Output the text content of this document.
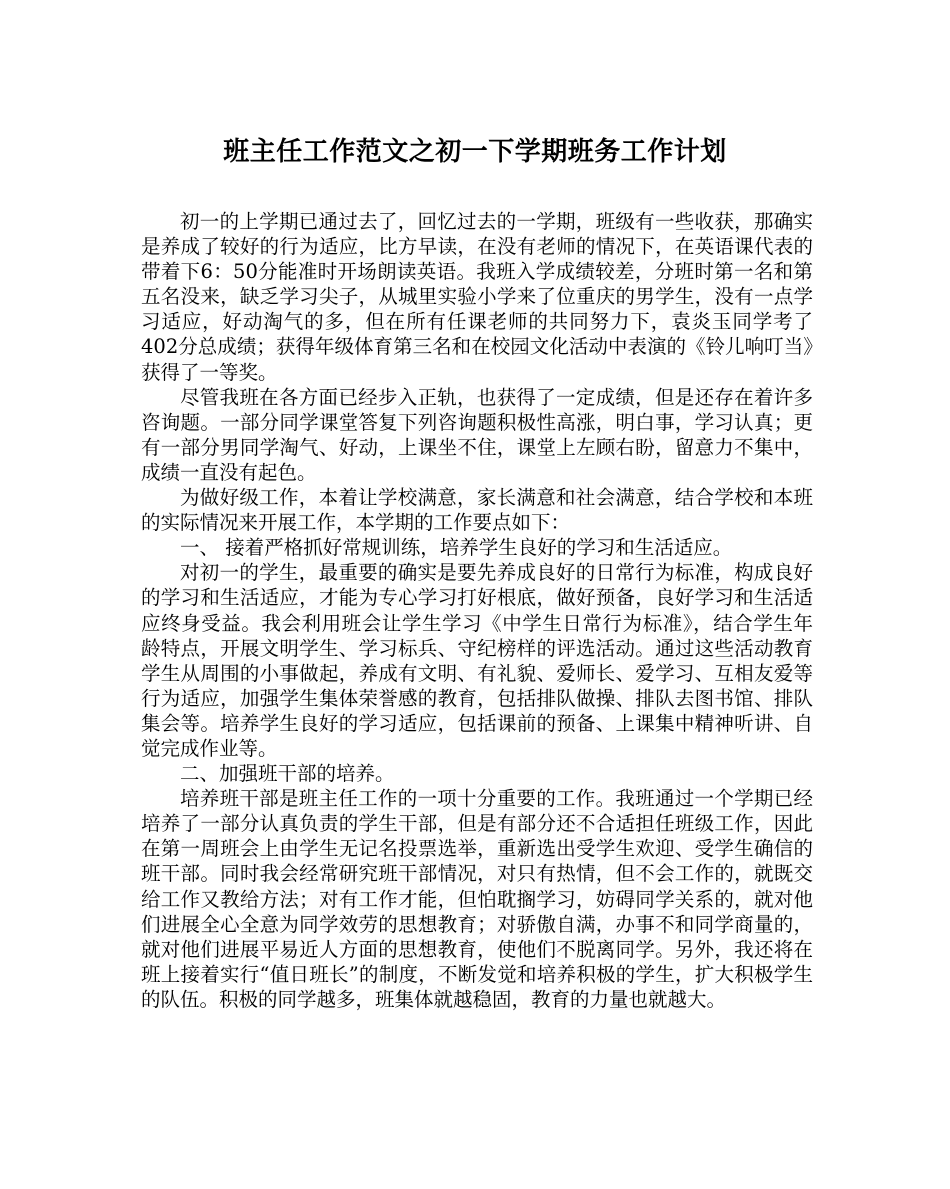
班主任工作范文之初一下学期班务工作计划

初一的上学期已通过去了，回忆过去的一学期，班级有一些收获，那确实是养成了较好的行为适应，比方早读，在没有老师的情况下，在英语课代表的带着下6：50分能准时开场朗读英语。我班入学成绩较差，分班时第一名和第五名没来，缺乏学习尖子，从城里实验小学来了位重庆的男学生，没有一点学习适应，好动淘气的多，但在所有任课老师的共同努力下，袁炎玉同学考了402分总成绩；获得年级体育第三名和在校园文化活动中表演的《铃儿响叮当》获得了一等奖。

尽管我班在各方面已经步入正轨，也获得了一定成绩，但是还存在着许多咨询题。一部分同学课堂答复下列咨询题积极性高涨，明白事，学习认真；更有一部分男同学淘气、好动，上课坐不住，课堂上左顾右盼，留意力不集中，成绩一直没有起色。

为做好级工作，本着让学校满意，家长满意和社会满意，结合学校和本班的实际情况来开展工作，本学期的工作要点如下：

一、 接着严格抓好常规训练，培养学生良好的学习和生活适应。

对初一的学生，最重要的确实是要先养成良好的日常行为标准，构成良好的学习和生活适应，才能为专心学习打好根底，做好预备，良好学习和生活适应终身受益。我会利用班会让学生学习《中学生日常行为标准》，结合学生年龄特点，开展文明学生、学习标兵、守纪榜样的评选活动。通过这些活动教育学生从周围的小事做起，养成有文明、有礼貌、爱师长、爱学习、互相友爱等行为适应，加强学生集体荣誉感的教育，包括排队做操、排队去图书馆、排队集会等。培养学生良好的学习适应，包括课前的预备、上课集中精神听讲、自觉完成作业等。

二、加强班干部的培养。

培养班干部是班主任工作的一项十分重要的工作。我班通过一个学期已经培养了一部分认真负责的学生干部，但是有部分还不合适担任班级工作，因此在第一周班会上由学生无记名投票选举，重新选出受学生欢迎、受学生确信的班干部。同时我会经常研究班干部情况，对只有热情，但不会工作的，就既交给工作又教给方法；对有工作才能，但怕耽搁学习，妨碍同学关系的，就对他们进展全心全意为同学效劳的思想教育；对骄傲自满，办事不和同学商量的，就对他们进展平易近人方面的思想教育，使他们不脱离同学。另外，我还将在班上接着实行“值日班长”的制度，不断发觉和培养积极的学生，扩大积极学生的队伍。积极的同学越多，班集体就越稳固，教育的力量也就越大。
